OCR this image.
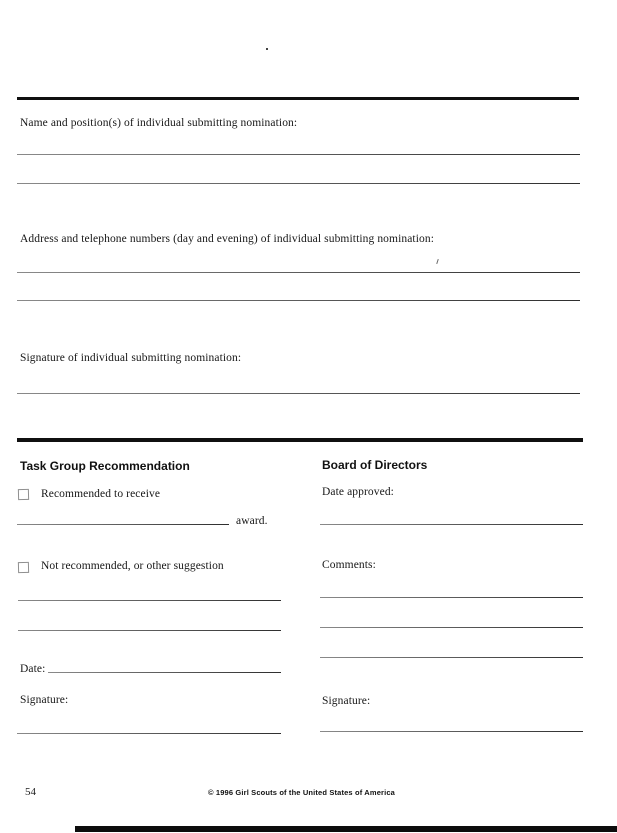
Name and position(s) of individual submitting nomination:
Address and telephone numbers (day and evening) of individual submitting nomination:
Signature of individual submitting nomination:
Task Group Recommendation
Recommended to receive
award.
Not recommended, or other suggestion
Date:
Signature:
Board of Directors
Date approved:
Comments:
Signature:
54	© 1996 Girl Scouts of the United States of America
